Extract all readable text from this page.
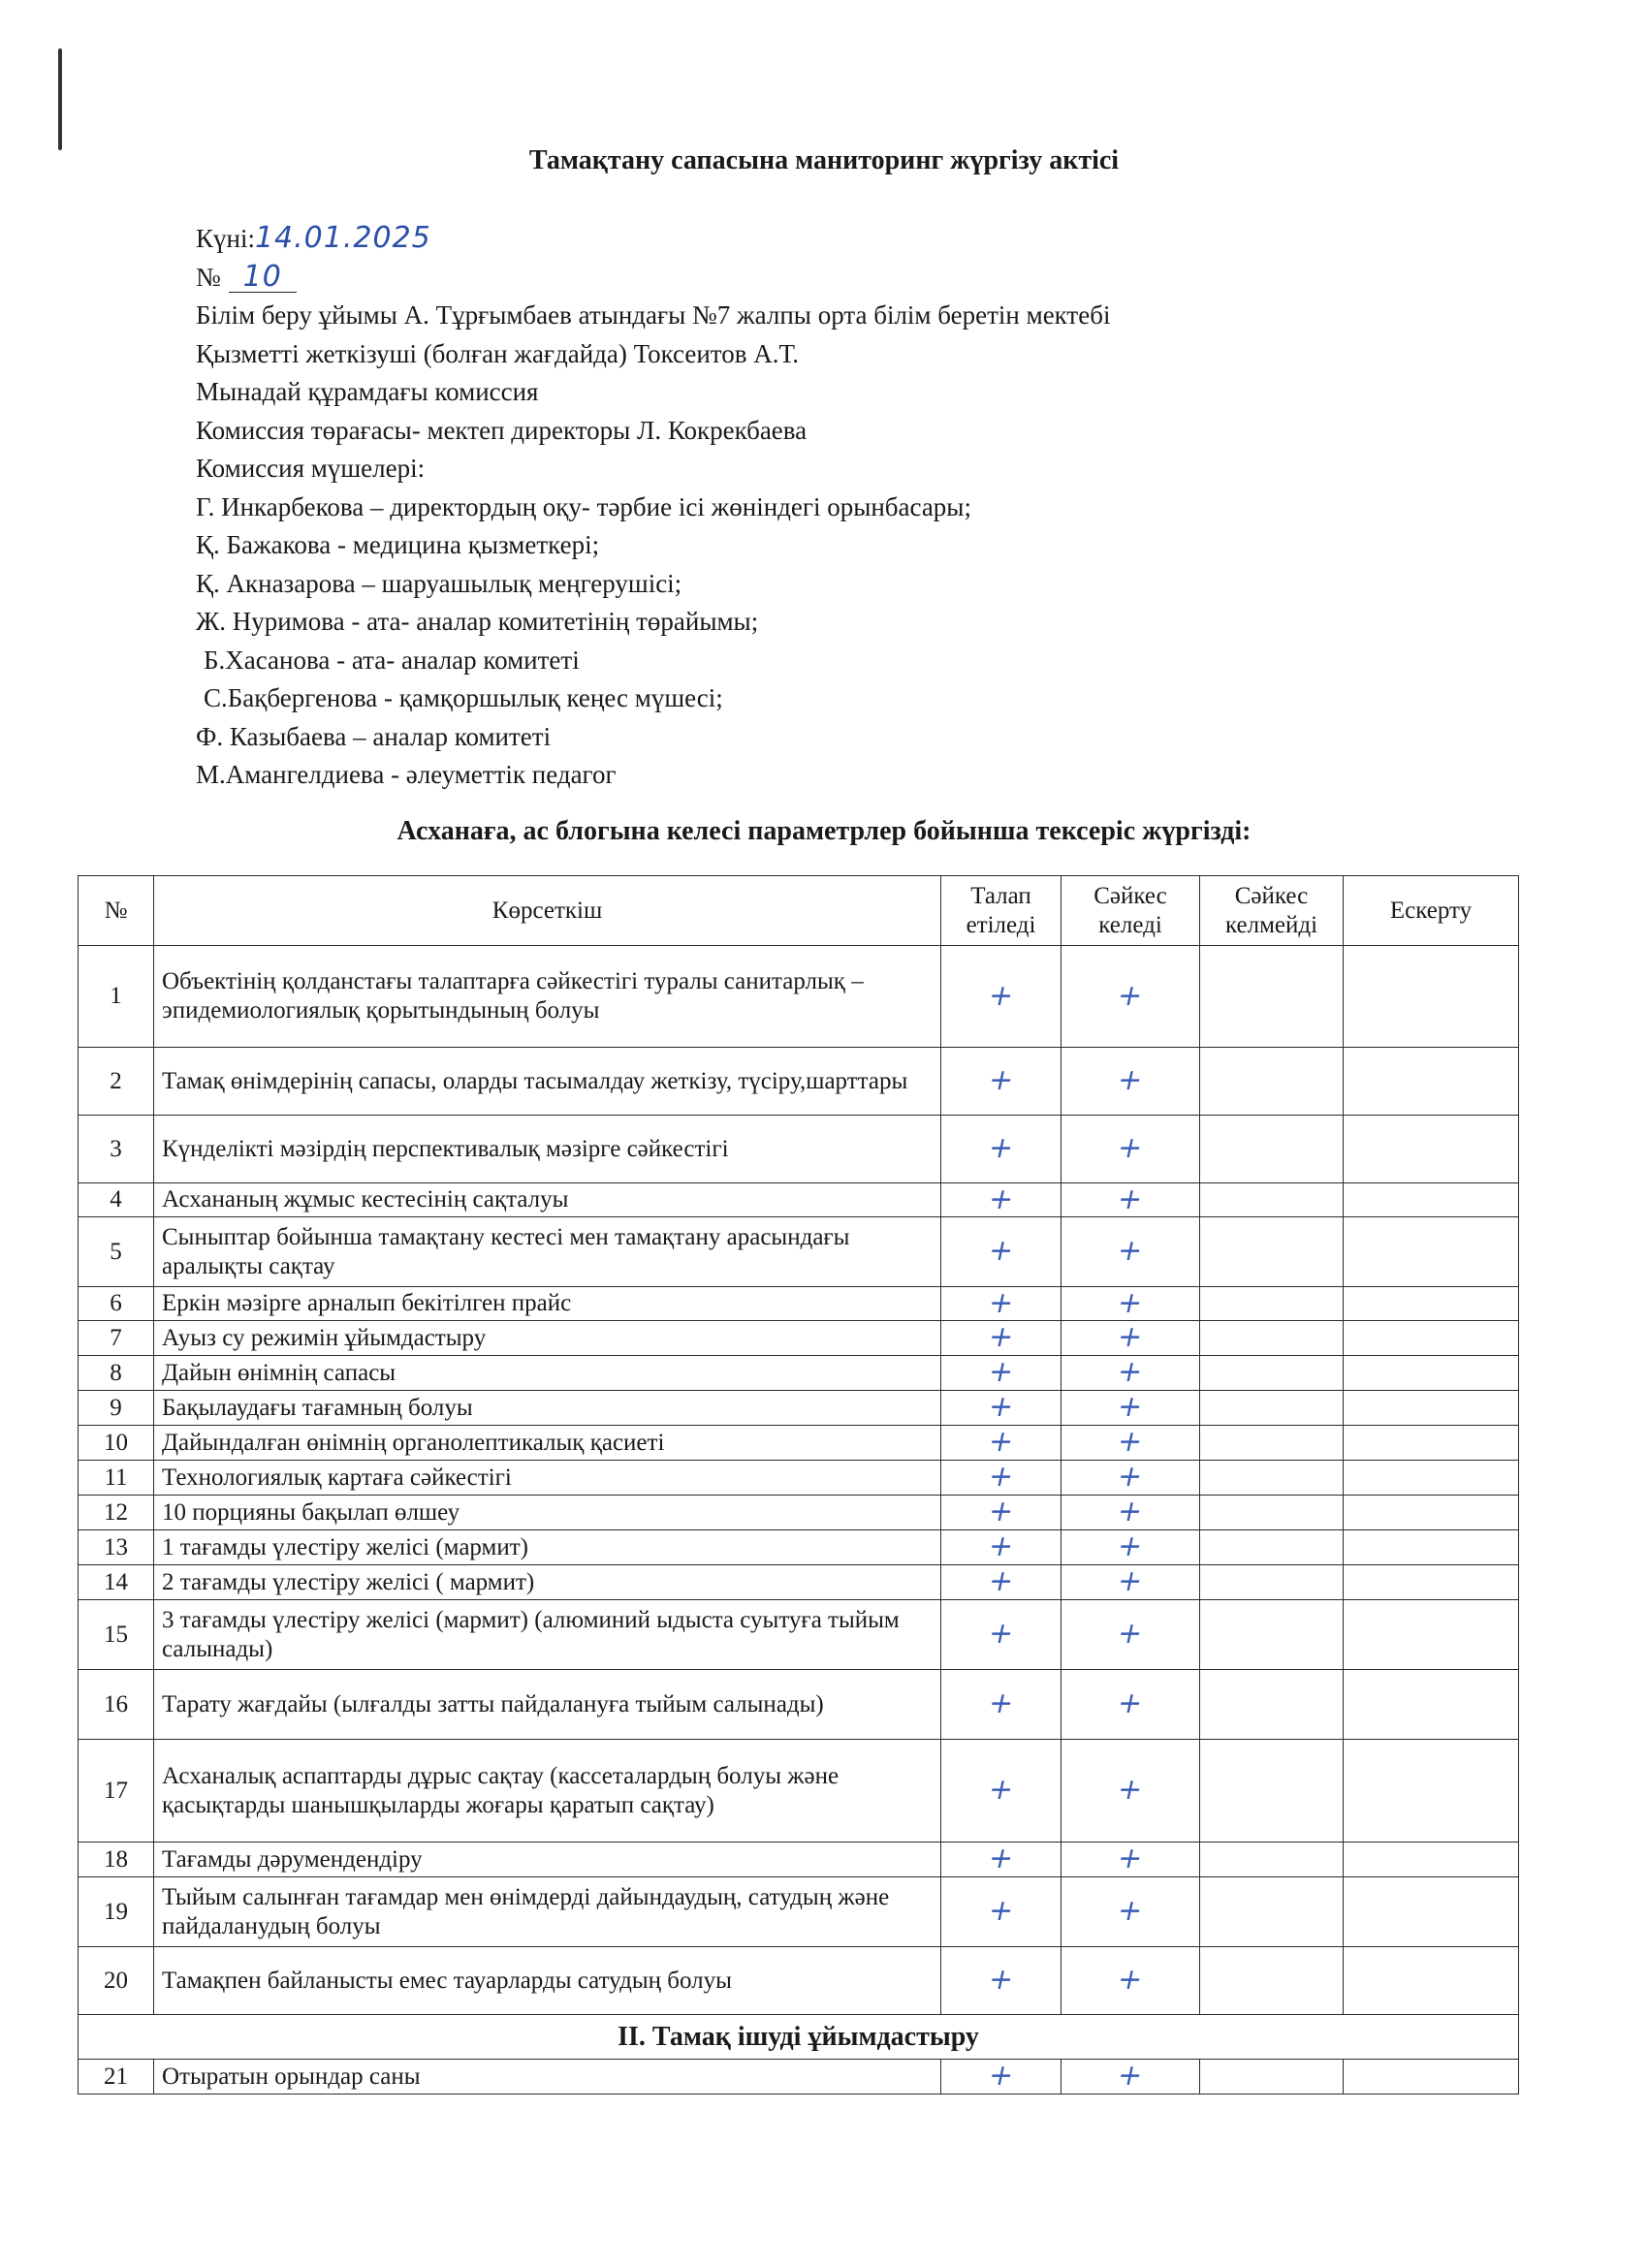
Тамақтану сапасына маниторинг жүргізу актісі
Күні:14.01.2025
№ 10
Білім беру ұйымы А. Тұрғымбаев атындағы №7 жалпы орта білім беретін мектебі
Қызметті жеткізуші (болған жағдайда) Токсеитов А.Т.
Мынадай құрамдағы комиссия
Комиссия төрағасы- мектеп директоры Л. Кокрекбаева
Комиссия мүшелері:
Г. Инкарбекова – директордың оқу- тәрбие ісі жөніндегі орынбасары;
Қ. Бажакова - медицина қызметкері;
Қ. Акназарова – шаруашылық меңгерушісі;
Ж. Нуримова - ата- аналар комитетінің төрайымы;
Б.Хасанова - ата- аналар комитеті
С.Бақбергенова - қамқоршылық кеңес мүшесі;
Ф. Казыбаева – аналар комитеті
М.Амангелдиева - әлеуметтік педагог
Асханаға, ас блогына келесі параметрлер бойынша тексеріс жүргізді:
№	Көрсеткіш	Талап етіледі	Сәйкес келеді	Сәйкес келмейді	Ескерту
1	Объектінің қолданстағы талаптарға сәйкестігі туралы санитарлық – эпидемиологиялық қорытындының болуы	+	+		
2	Тамақ өнімдерінің сапасы, оларды тасымалдау жеткізу, түсіру,шарттары	+	+		
3	Күнделікті мәзірдің перспективалық мәзірге сәйкестігі	+	+		
4	Асхананың жұмыс кестесінің сақталуы	+	+		
5	Сыныптар бойынша тамақтану кестесі мен тамақтану арасындағы аралықты сақтау	+	+		
6	Еркін мәзірге арналып бекітілген прайс	+	+		
7	Ауыз су режимін ұйымдастыру	+	+		
8	Дайын өнімнің сапасы	+	+		
9	Бақылаудағы тағамның болуы	+	+		
10	Дайындалған өнімнің органолептикалық қасиеті	+	+		
11	Технологиялық картаға сәйкестігі	+	+		
12	10 порцияны бақылап өлшеу	+	+		
13	1 тағамды үлестіру желісі (мармит)	+	+		
14	2 тағамды үлестіру желісі ( мармит)	+	+		
15	3 тағамды үлестіру желісі (мармит) (алюминий ыдыста суытуға тыйым салынады)	+	+		
16	Тарату жағдайы (ылғалды затты пайдалануға тыйым салынады)	+	+		
17	Асханалық аспаптарды дұрыс сақтау (кассеталардың болуы және қасықтарды шанышқыларды жоғары қаратып сақтау)	+	+		
18	Тағамды дәрумендендіру	+	+		
19	Тыйым салынған тағамдар мен өнімдерді дайындаудың, сатудың және пайдаланудың болуы	+	+		
20	Тамақпен байланысты емес тауарларды сатудың болуы	+	+		
II. Тамақ ішуді ұйымдастыру					
21	Отыратын орындар саны	+	+		
